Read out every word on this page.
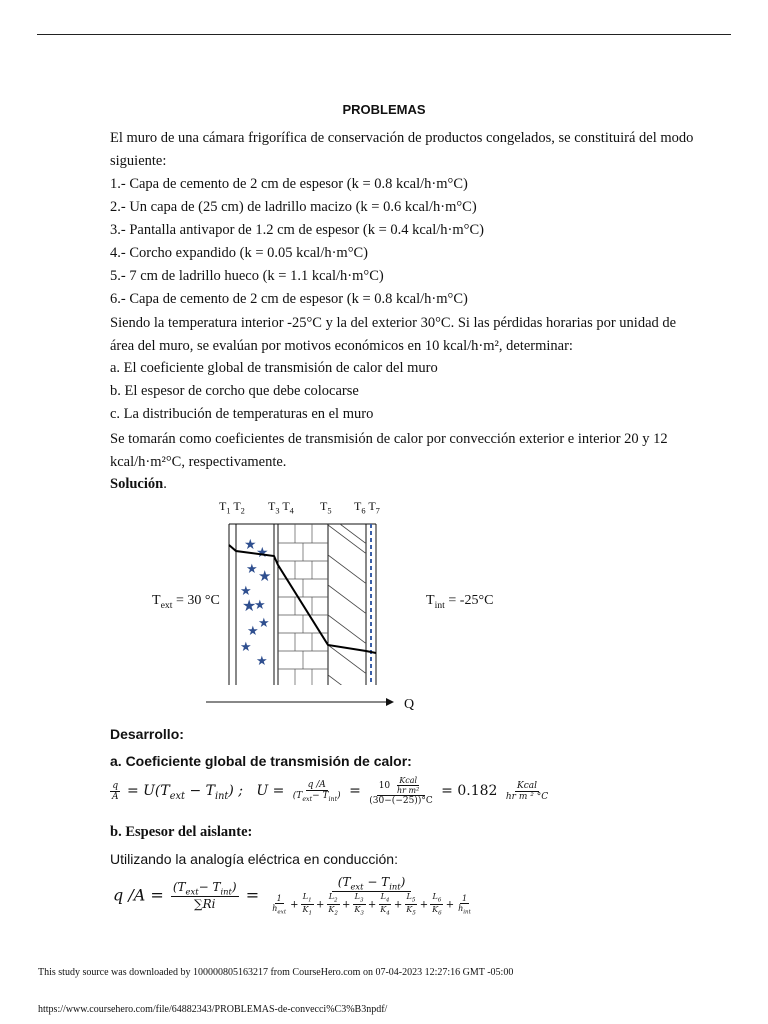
PROBLEMAS
El muro de una cámara frigorífica de conservación de productos congelados, se constituirá del modo siguiente:
1.- Capa de cemento de 2 cm de espesor (k = 0.8 kcal/h·m°C)
2.- Un capa de (25 cm) de ladrillo macizo (k = 0.6 kcal/h·m°C)
3.- Pantalla antivapor de 1.2 cm de espesor (k = 0.4 kcal/h·m°C)
4.- Corcho expandido (k = 0.05 kcal/h·m°C)
5.- 7 cm de ladrillo hueco (k = 1.1 kcal/h·m°C)
6.- Capa de cemento de 2 cm de espesor (k = 0.8 kcal/h·m°C)
Siendo la temperatura interior -25°C y la del exterior 30°C. Si las pérdidas horarias por unidad de área del muro, se evalúan por motivos económicos en 10 kcal/h·m², determinar:
a. El coeficiente global de transmisión de calor del muro
b. El espesor de corcho que debe colocarse
c. La distribución de temperaturas en el muro
Se tomarán como coeficientes de transmisión de calor por convección exterior e interior 20 y 12 kcal/h·m²°C, respectivamente.
Solución.
$T_1$ $T_2$ $T_3$ $T_4$ $T_5$ $T_6$ $T_7$
★
★
★
★
★
★
★
★
★
★
★
$T_{ext} = 30$ °C	$T_{int} = -25^\circ C$
Q
Desarrollo:
a. Coeficiente global de transmisión de calor:
$\frac{q}{A} = U(T_{ext} - T_{int})$ ; $U = \frac{q /A}{(T_{ext}- T_{int})} = \frac{10 \frac{\text{Kcal}}{\text{hr m²}}}{(30-(-25))^\circ C} = 0.182 \frac{\text{Kcal}}{\text{hr m ² °C}}$
b. Espesor del aislante:
Utilizando la analogía eléctrica en conducción:
q $/A = \frac{(T_{ext}- T_{int})}{\sum Ri} = \frac{(T_{ext} - T_{int})}{\frac{1}{h_{ext}} + \frac{L_1}{K_1} + \frac{L_2}{K_2} + \frac{L_3}{K_3} + \frac{L_4}{K_4} + \frac{L_5}{K_5} + \frac{L_6}{K_6} + \frac{1}{h_{int}}}$
This study source was downloaded by 100000805163217 from CourseHero.com on 07-04-2023 12:27:16 GMT -05:00
https://www.coursehero.com/file/64882343/PROBLEMAS-de-convecci%C3%B3npdf/
